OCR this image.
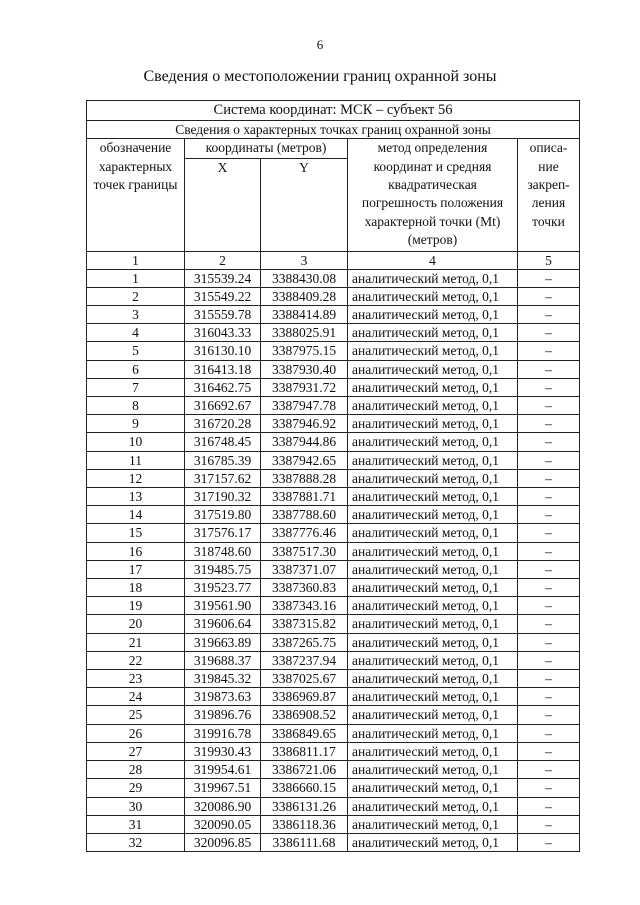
6
Сведения о местоположении границ охранной зоны
Система координат: МСК – субъект 56				
Сведения о характерных точках границ охранной зоны				
обозначение характерных точек границы	координаты (метров)		метод определения координат и средняя квадратическая погрешность положения характерной точки (Mt) (метров)	описа-ние закреп-ления точки

	X	Y		

1	2	3	4	5
1	315539.24	3388430.08	аналитический метод, 0,1	–
2	315549.22	3388409.28	аналитический метод, 0,1	–
3	315559.78	3388414.89	аналитический метод, 0,1	–
4	316043.33	3388025.91	аналитический метод, 0,1	–
5	316130.10	3387975.15	аналитический метод, 0,1	–
6	316413.18	3387930.40	аналитический метод, 0,1	–
7	316462.75	3387931.72	аналитический метод, 0,1	–
8	316692.67	3387947.78	аналитический метод, 0,1	–
9	316720.28	3387946.92	аналитический метод, 0,1	–
10	316748.45	3387944.86	аналитический метод, 0,1	–
11	316785.39	3387942.65	аналитический метод, 0,1	–
12	317157.62	3387888.28	аналитический метод, 0,1	–
13	317190.32	3387881.71	аналитический метод, 0,1	–
14	317519.80	3387788.60	аналитический метод, 0,1	–
15	317576.17	3387776.46	аналитический метод, 0,1	–
16	318748.60	3387517.30	аналитический метод, 0,1	–
17	319485.75	3387371.07	аналитический метод, 0,1	–
18	319523.77	3387360.83	аналитический метод, 0,1	–
19	319561.90	3387343.16	аналитический метод, 0,1	–
20	319606.64	3387315.82	аналитический метод, 0,1	–
21	319663.89	3387265.75	аналитический метод, 0,1	–
22	319688.37	3387237.94	аналитический метод, 0,1	–
23	319845.32	3387025.67	аналитический метод, 0,1	–
24	319873.63	3386969.87	аналитический метод, 0,1	–
25	319896.76	3386908.52	аналитический метод, 0,1	–
26	319916.78	3386849.65	аналитический метод, 0,1	–
27	319930.43	3386811.17	аналитический метод, 0,1	–
28	319954.61	3386721.06	аналитический метод, 0,1	–
29	319967.51	3386660.15	аналитический метод, 0,1	–
30	320086.90	3386131.26	аналитический метод, 0,1	–
31	320090.05	3386118.36	аналитический метод, 0,1	–
32	320096.85	3386111.68	аналитический метод, 0,1	–
